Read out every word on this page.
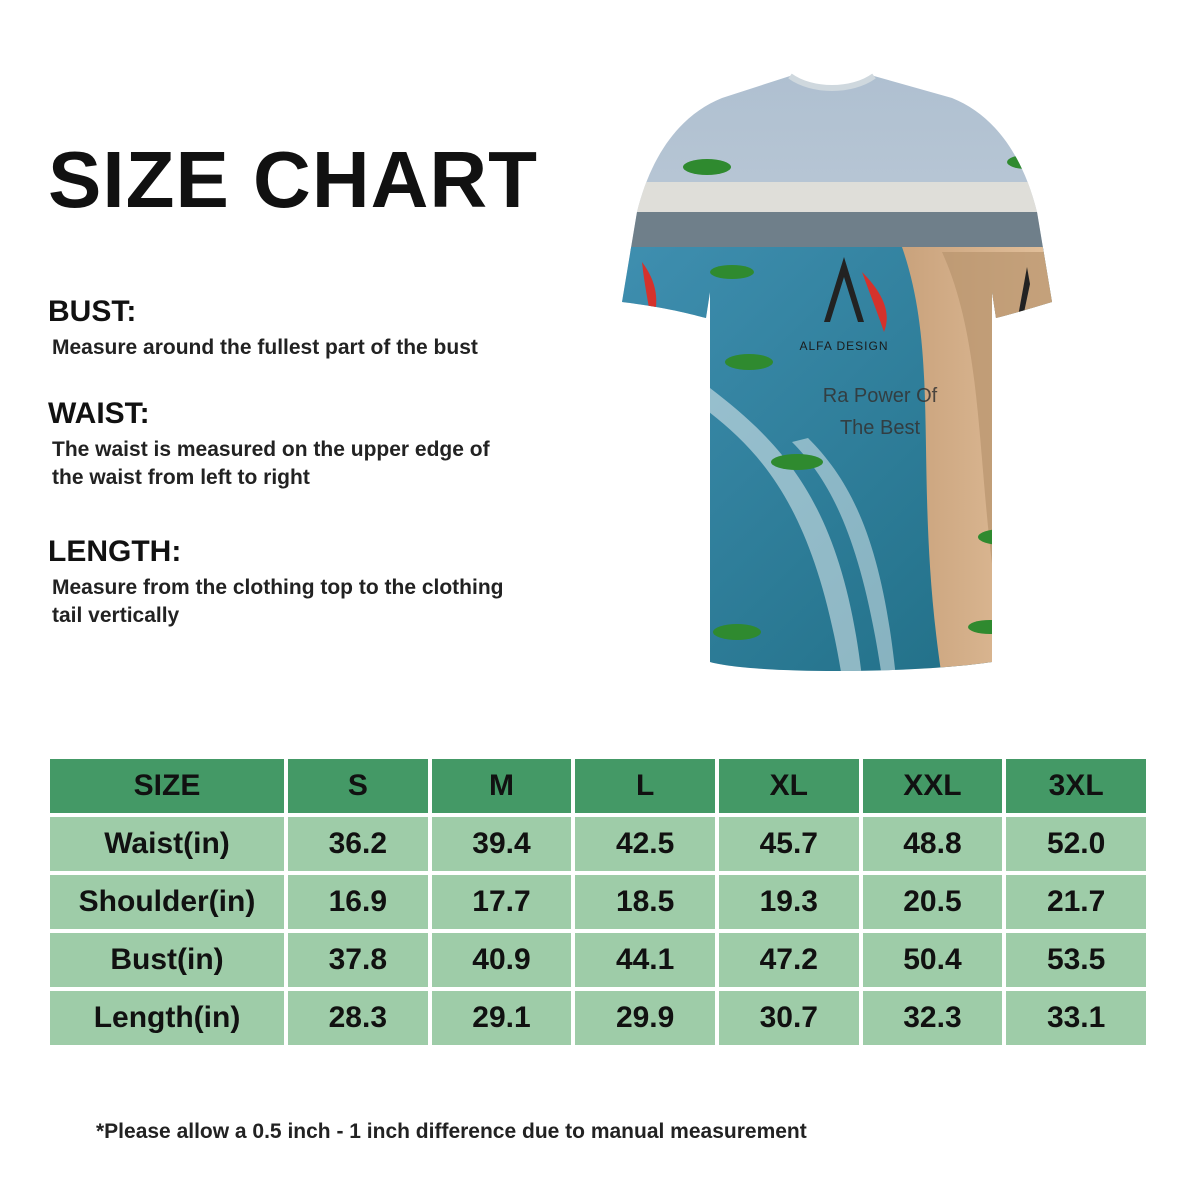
SIZE CHART
BUST:

Measure around the fullest part of the bust

WAIST:

The waist is measured on the upper edge of
the waist from left to right

LENGTH:

Measure from the clothing top to the clothing
tail vertically

ALFA DESIGN
Ra Power Of
The Best
SIZE	S	M	L	XL	XXL	3XL
Waist(in)	36.2	39.4	42.5	45.7	48.8	52.0
Shoulder(in)	16.9	17.7	18.5	19.3	20.5	21.7
Bust(in)	37.8	40.9	44.1	47.2	50.4	53.5
Length(in)	28.3	29.1	29.9	30.7	32.3	33.1

*Please allow a 0.5 inch - 1 inch difference due to manual measurement
